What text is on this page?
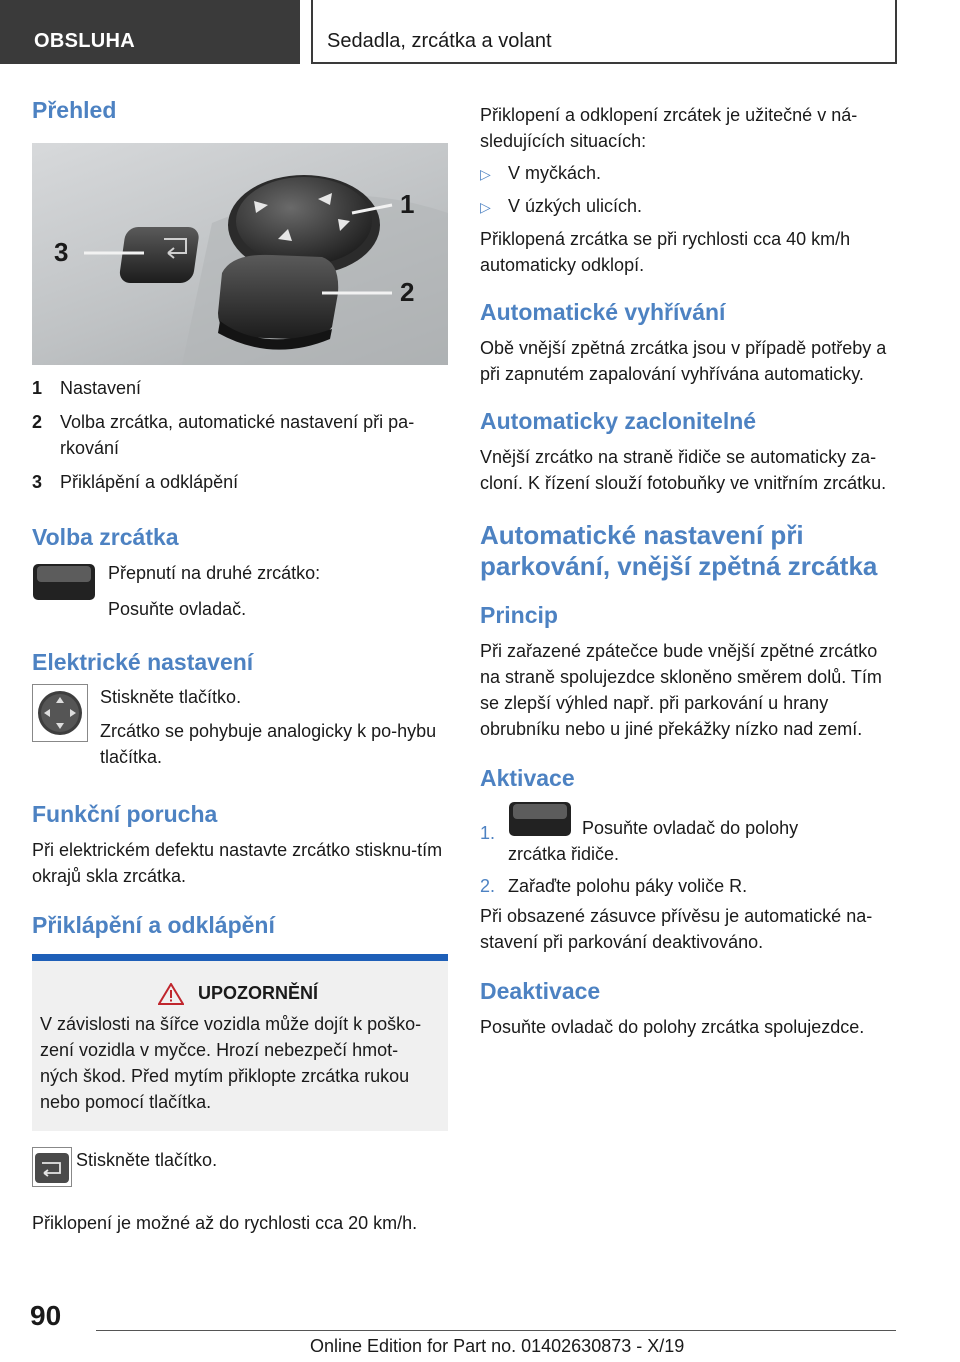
OBSLUHA	Sedadla, zrcátka a volant
Přehled
1
2
3
1 Nastavení
2 Volba zrcátka, automatické nastavení při pa-rkování
3 Přiklápění a odklápění
Volba zrcátka

Přepnutí na druhé zrcátko:

Posuňte ovladač.

Elektrické nastavení

Stiskněte tlačítko.

Zrcátko se pohybuje analogicky k po-hybu tlačítka.

Funkční porucha

Při elektrickém defektu nastavte zrcátko stisknu-tím okrajů skla zrcátka.

Přiklápění a odklápění
UPOZORNĚNÍ

V závislosti na šířce vozidla může dojít k poško-zení vozidla v myčce. Hrozí nebezpečí hmot-ných škod. Před mytím přiklopte zrcátka rukou nebo pomocí tlačítka.

Stiskněte tlačítko.

Přiklopení je možné až do rychlosti cca 20 km/h.

Přiklopení a odklopení zrcátek je užitečné v ná-sledujících situacích:

▷ V myčkách.
▷ V úzkých ulicích.

Přiklopená zrcátka se při rychlosti cca 40 km/h automaticky odklopí.

Automatické vyhřívání

Obě vnější zpětná zrcátka jsou v případě potřeby a při zapnutém zapalování vyhřívána automaticky.

Automaticky zaclonitelné

Vnější zrcátko na straně řidiče se automaticky za-cloní. K řízení slouží fotobuňky ve vnitřním zrcátku.

Automatické nastavení při parkování, vnější zpětná zrcátka
Princip

Při zařazené zpátečce bude vnější zpětné zrcátko na straně spolujezdce skloněno směrem dolů. Tím se zlepší výhled např. při parkování u hrany obrubníku nebo u jiné překážky nízko nad zemí.

Aktivace
1.	Posuňte ovladač do polohy zrcátka řidiče.
2. Zařaďte polohu páky voliče R.

Při obsazené zásuvce přívěsu je automatické na-stavení při parkování deaktivováno.

Deaktivace

Posuňte ovladač do polohy zrcátka spolujezdce.

90
Online Edition for Part no. 01402630873 - X/19
